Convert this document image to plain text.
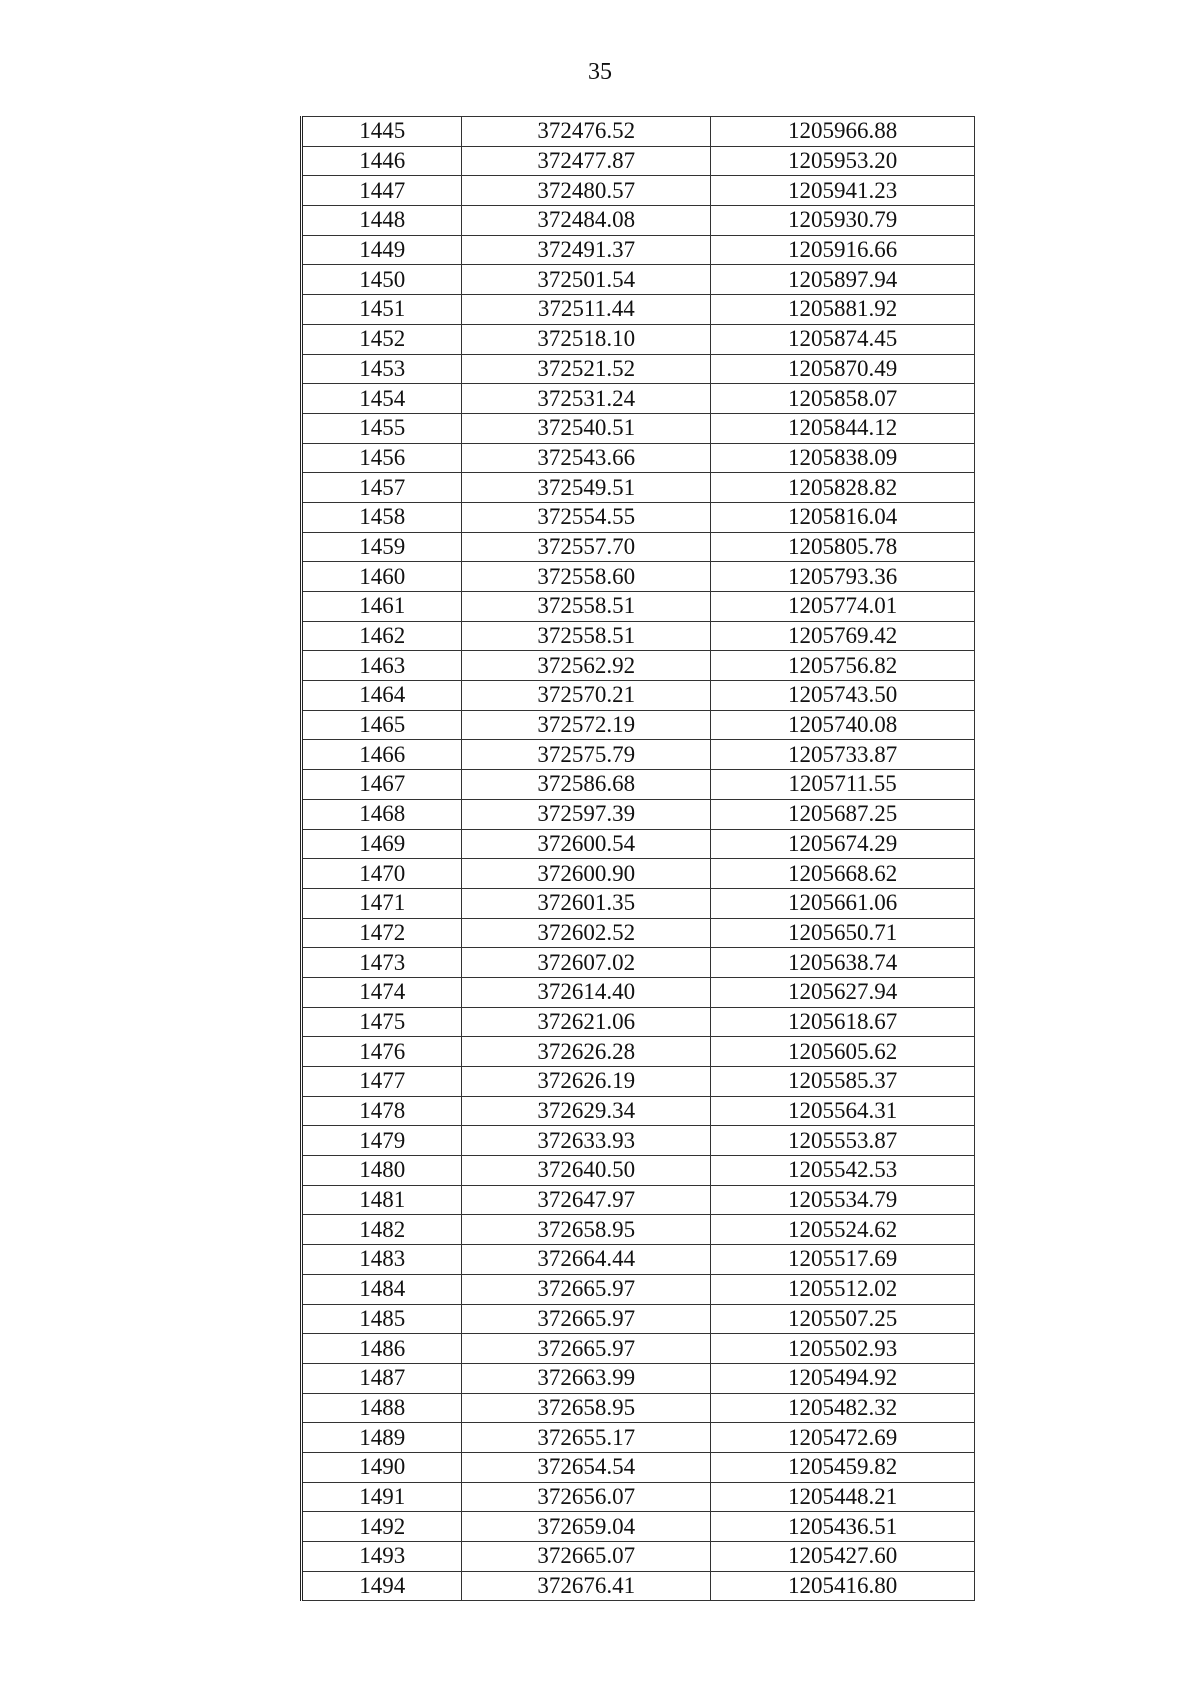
35
1445	372476.52	1205966.88
1446	372477.87	1205953.20
1447	372480.57	1205941.23
1448	372484.08	1205930.79
1449	372491.37	1205916.66
1450	372501.54	1205897.94
1451	372511.44	1205881.92
1452	372518.10	1205874.45
1453	372521.52	1205870.49
1454	372531.24	1205858.07
1455	372540.51	1205844.12
1456	372543.66	1205838.09
1457	372549.51	1205828.82
1458	372554.55	1205816.04
1459	372557.70	1205805.78
1460	372558.60	1205793.36
1461	372558.51	1205774.01
1462	372558.51	1205769.42
1463	372562.92	1205756.82
1464	372570.21	1205743.50
1465	372572.19	1205740.08
1466	372575.79	1205733.87
1467	372586.68	1205711.55
1468	372597.39	1205687.25
1469	372600.54	1205674.29
1470	372600.90	1205668.62
1471	372601.35	1205661.06
1472	372602.52	1205650.71
1473	372607.02	1205638.74
1474	372614.40	1205627.94
1475	372621.06	1205618.67
1476	372626.28	1205605.62
1477	372626.19	1205585.37
1478	372629.34	1205564.31
1479	372633.93	1205553.87
1480	372640.50	1205542.53
1481	372647.97	1205534.79
1482	372658.95	1205524.62
1483	372664.44	1205517.69
1484	372665.97	1205512.02
1485	372665.97	1205507.25
1486	372665.97	1205502.93
1487	372663.99	1205494.92
1488	372658.95	1205482.32
1489	372655.17	1205472.69
1490	372654.54	1205459.82
1491	372656.07	1205448.21
1492	372659.04	1205436.51
1493	372665.07	1205427.60
1494	372676.41	1205416.80
